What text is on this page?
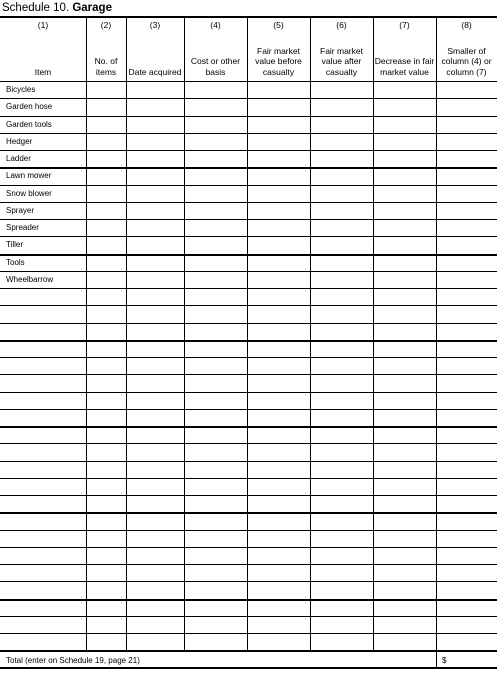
Schedule 10. Garage
(1)
Item
(2)
No. of items
(3)
Date acquired
(4)
Cost or other basis
(5)
Fair market value before casualty
(6)
Fair market value after casualty
(7)
Decrease in fair market value
(8)
Smaller of column (4) or column (7)
Bicycles
Garden hose
Garden tools
Hedger
Ladder
Lawn mower
Snow blower
Sprayer
Spreader
Tiller
Tools
Wheelbarrow
Total (enter on Schedule 19, page 21)	$
